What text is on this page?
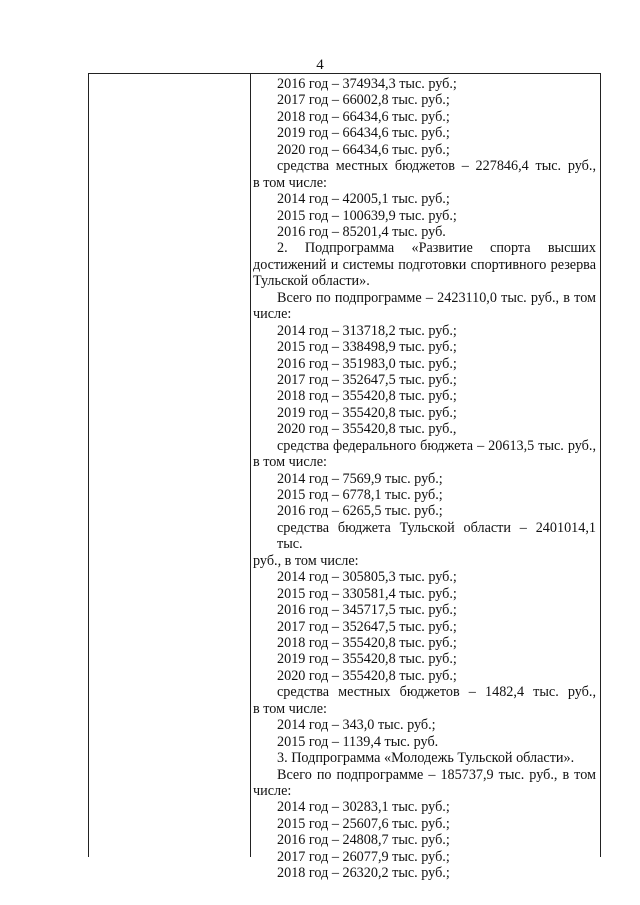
4
2016 год – 374934,3 тыс. руб.;
2017 год – 66002,8 тыс. руб.;
2018 год – 66434,6 тыс. руб.;
2019 год – 66434,6 тыс. руб.;
2020 год – 66434,6 тыс. руб.;
средства местных бюджетов – 227846,4 тыс. руб.,
в том числе:
2014 год – 42005,1 тыс. руб.;
2015 год – 100639,9 тыс. руб.;
2016 год – 85201,4 тыс. руб.
2. Подпрограмма «Развитие спорта высших
достижений и системы подготовки спортивного резерва
Тульской области».
Всего по подпрограмме – 2423110,0 тыс. руб., в том
числе:
2014 год – 313718,2 тыс. руб.;
2015 год – 338498,9 тыс. руб.;
2016 год – 351983,0 тыс. руб.;
2017 год – 352647,5 тыс. руб.;
2018 год – 355420,8 тыс. руб.;
2019 год – 355420,8 тыс. руб.;
2020 год – 355420,8 тыс. руб.,
средства федерального бюджета – 20613,5 тыс. руб.,
в том числе:
2014 год – 7569,9 тыс. руб.;
2015 год – 6778,1 тыс. руб.;
2016 год – 6265,5 тыс. руб.;
средства бюджета Тульской области – 2401014,1 тыс.
руб., в том числе:
2014 год – 305805,3 тыс. руб.;
2015 год – 330581,4 тыс. руб.;
2016 год – 345717,5 тыс. руб.;
2017 год – 352647,5 тыс. руб.;
2018 год – 355420,8 тыс. руб.;
2019 год – 355420,8 тыс. руб.;
2020 год – 355420,8 тыс. руб.;
средства местных бюджетов – 1482,4 тыс. руб.,
в том числе:
2014 год – 343,0 тыс. руб.;
2015 год – 1139,4 тыс. руб.
3. Подпрограмма «Молодежь Тульской области».
Всего по подпрограмме – 185737,9 тыс. руб., в том
числе:
2014 год – 30283,1 тыс. руб.;
2015 год – 25607,6 тыс. руб.;
2016 год – 24808,7 тыс. руб.;
2017 год – 26077,9 тыс. руб.;
2018 год – 26320,2 тыс. руб.;
